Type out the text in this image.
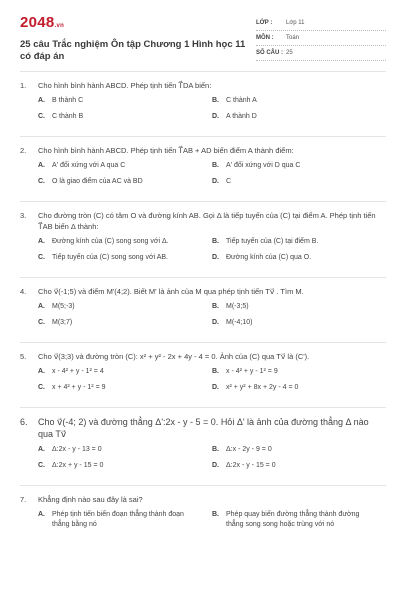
2048.vn
25 câu Trắc nghiệm Ôn tập Chương 1 Hình học 11 có đáp án
LỚP :	Lớp 11
MÔN :	Toán
SỐ CÂU : 25
1.	Cho hình bình hành ABCD. Phép tịnh tiến T⃗DA biến:
A.	B thành C	B.	C thành A
C.	C thành B	D.	A thành D
2.	Cho hình bình hành ABCD. Phép tịnh tiến T⃗AB + AD biến điểm A thành điểm:
A.	A' đối xứng với A qua C	B.	A' đối xứng với D qua C
C.	O là giao điểm của AC và BD	D.	C
3.	Cho đường tròn (C) có tâm O và đường kính AB. Gọi Δ là tiếp tuyến của (C) tại điểm A. Phép tịnh tiến T⃗AB biến Δ thành:
A.	Đường kính của (C) song song với Δ.	B.	Tiếp tuyến của (C) tại điểm B.
C.	Tiếp tuyến của (C) song song với AB.	D.	Đường kính của (C) qua O.
4.	Cho v⃗(-1;5) và điểm M'(4;2). Biết M' là ảnh của M qua phép tịnh tiến Tv⃗ . Tìm M.
A.	M(5;-3)	B.	M(-3;5)
C.	M(3;7)	D.	M(-4;10)
5.	Cho v⃗(3;3) và đường tròn (C): x² + y² - 2x + 4y - 4 = 0. Ảnh của (C) qua Tv⃗ là (C').
A.	x - 4² + y - 1² = 4	B.	x - 4² + y - 1² = 9
C.	x + 4² + y - 1² = 9	D.	x² + y² + 8x + 2y - 4 = 0
6.	Cho v⃗(-4; 2) và đường thẳng Δ':2x - y - 5 = 0. Hỏi Δ' là ảnh của đường thẳng Δ nào qua Tv⃗
A.	Δ:2x - y - 13 = 0	B.	Δ:x - 2y - 9 = 0
C.	Δ:2x + y - 15 = 0	D.	Δ:2x - y - 15 = 0
7.	Khẳng định nào sau đây là sai?
A.	Phép tịnh tiến biến đoạn thẳng thành đoạn thẳng bằng nó
B.	Phép quay biến đường thẳng thành đường thẳng song song hoặc trùng với nó
